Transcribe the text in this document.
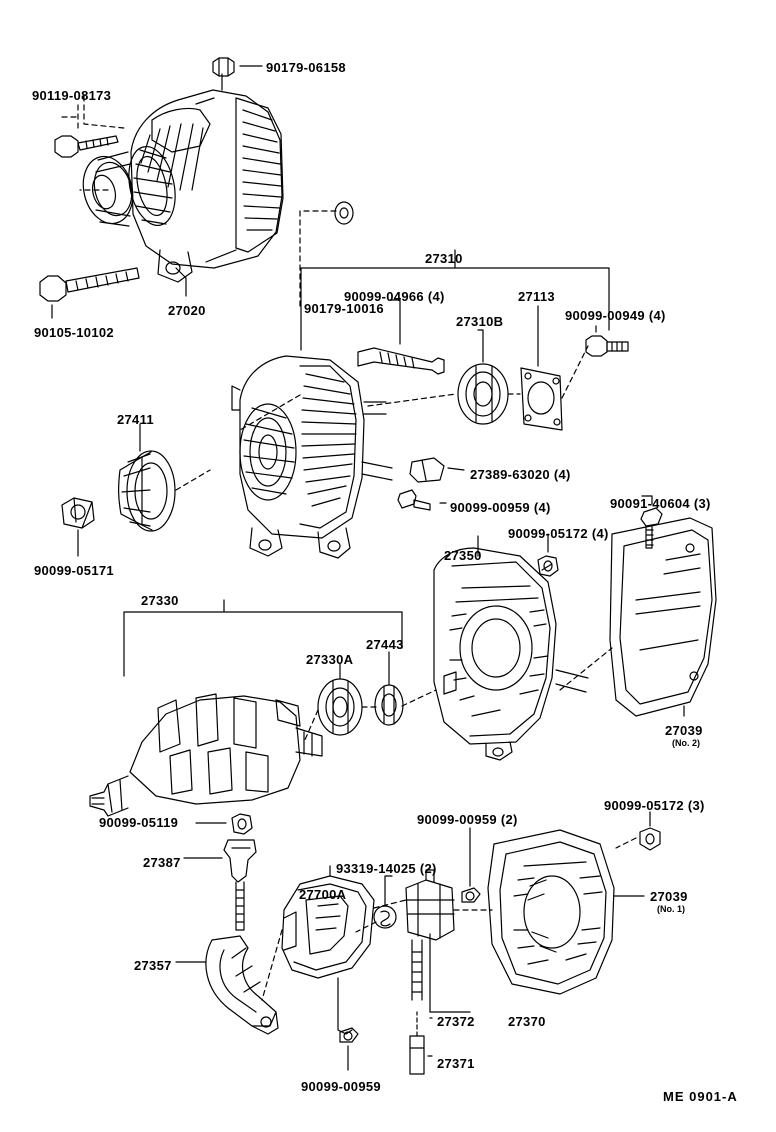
90179-06158
90119-08173
90179-10016
90105-10102
27020
27310
90099-04966 (4)	27113
27310B	90099-00949 (4)
27411
27389-63020 (4)
90091-40604 (3)
90099-00959 (4)
90099-05172 (4)
90099-05171
27350
27330
27443
27330A
27039
(No. 2)
90099-05172 (3)
90099-05119	90099-00959 (2)
93319-14025 (2)
27387
27700A	27039
(No. 1)
27357
27372	27370
27371
90099-00959
ME 0901-A
